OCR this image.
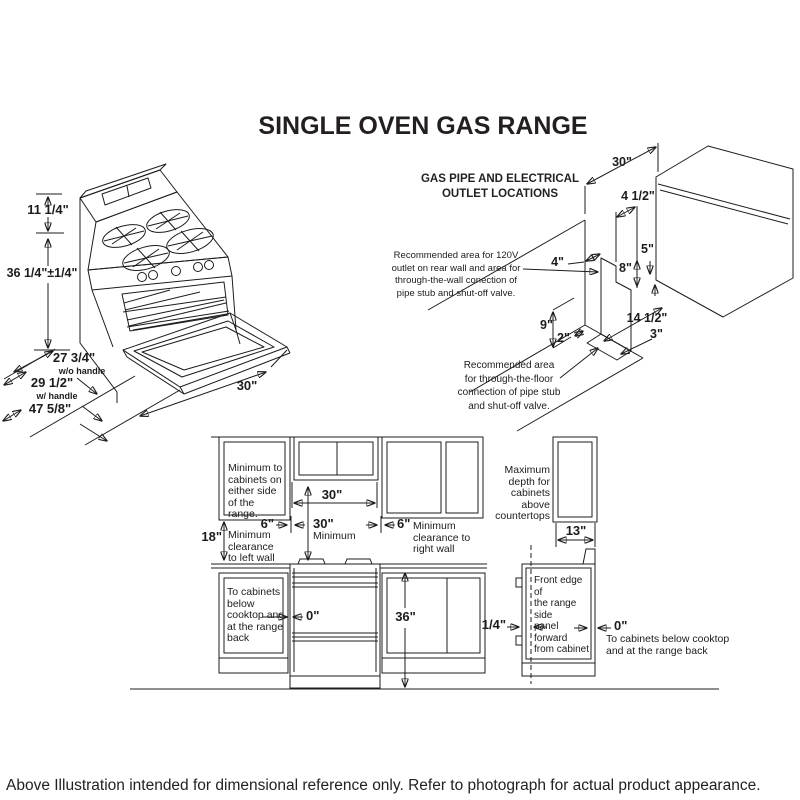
SINGLE OVEN GAS RANGE
GAS PIPE AND ELECTRICAL
OUTLET LOCATIONS
11 1/4"
36 1/4"±1/4"
27 3/4"
w/o handle
29 1/2"
w/ handle
47 5/8"
30"
30"
4 1/2"
5"
4"	8"
9"
2"
14 1/2"
3"
Recommended area for 120V
outlet on rear wall and area for
through-the-wall conection of
pipe stub and shut-off valve.
Recommended area
for through-the-floor
connection of pipe stub
and shut-off valve.
Minimum to
cabinets on
either side
of the range.
30"
30"
Minimum
6"	6"
Minimum
clearance
to left wall
Minimum
clearance to
right wall
18"
To cabinets
below
cooktop and
at the range
back
0"	36"
Maximum
depth for
cabinets above
countertops
13"
Front edge of
the range side
panel forward
from cabinet
1/4"	0"
To cabinets below cooktop
and at the range back
Above Illustration intended for dimensional reference only. Refer to photograph for actual product appearance.
